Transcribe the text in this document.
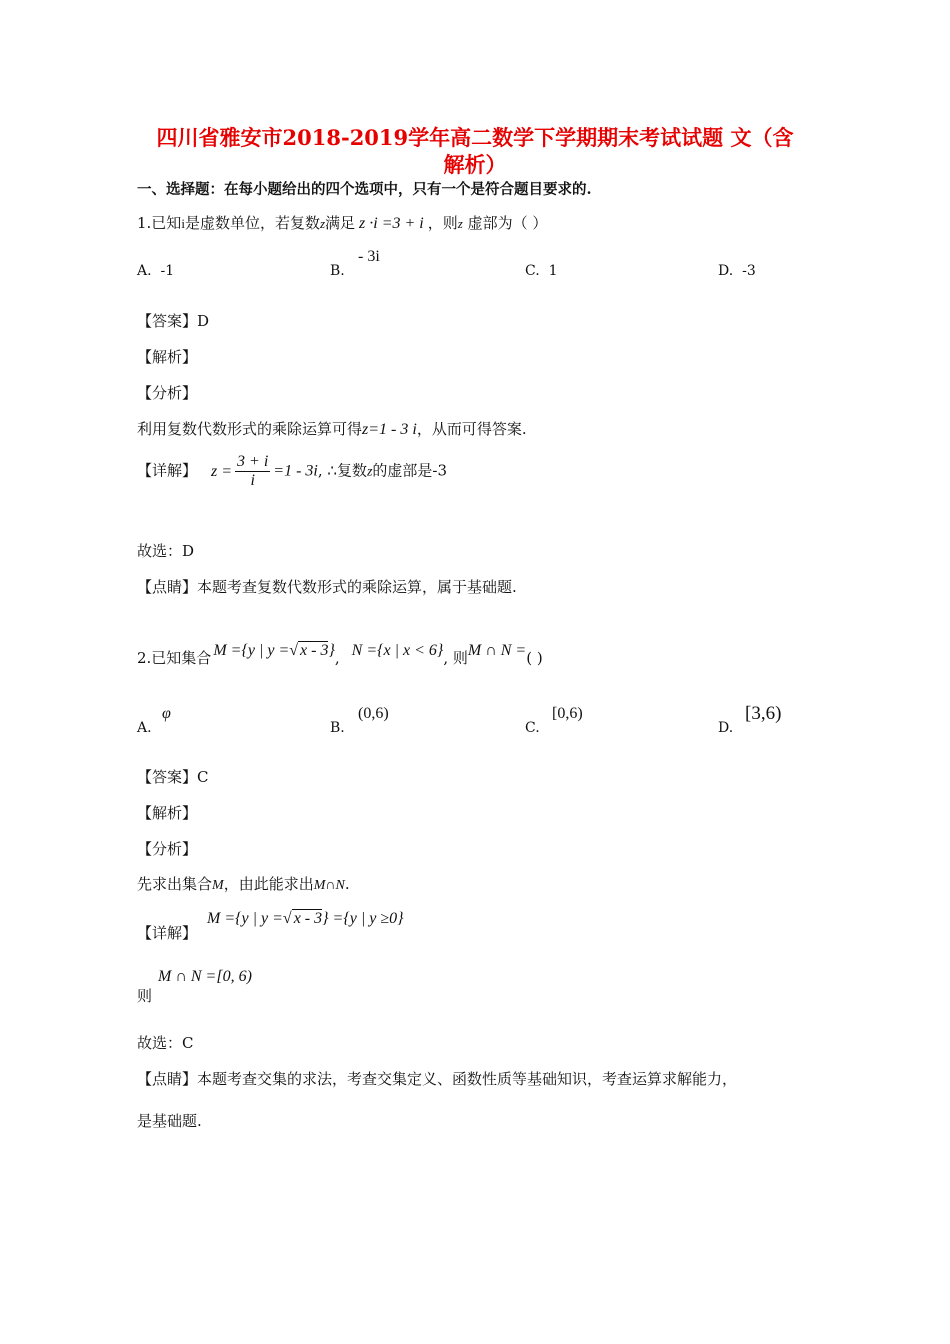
四川省雅安市2018-2019学年高二数学下学期期末考试试题 文（含
解析）
一、选择题：在每小题给出的四个选项中，只有一个是符合题目要求的.
1.已知i是虚数单位，若复数z满足 z ·i =3 + i ，则z 虚部为（ ）
A. -1	B.
- 3i
C. 1	D. -3
【答案】D
【解析】
【分析】
利用复数代数形式的乘除运算可得z=1 - 3 i，从而可得答案.
【详解】 $z = \frac{3 + i}{i} =1 - 3i$, ∴复数z的虚部是-3
故选：D
【点睛】本题考查复数代数形式的乘除运算，属于基础题.
2.已知集合 M ={y | y =√ x - 3}, N ={x | x < 6}, 则M ∩ N =( )
A.
φ
B.
(0,6)
C.
[0,6)
D.
[3,6)
【答案】C
【解析】
【分析】
先求出集合M，由此能求出M∩N.
【详解】
M ={y | y =√ x - 3} ={y | y ≥0}
则
M ∩ N =[0, 6)
故选：C
【点睛】本题考查交集的求法，考查交集定义、函数性质等基础知识，考查运算求解能力，
是基础题.
